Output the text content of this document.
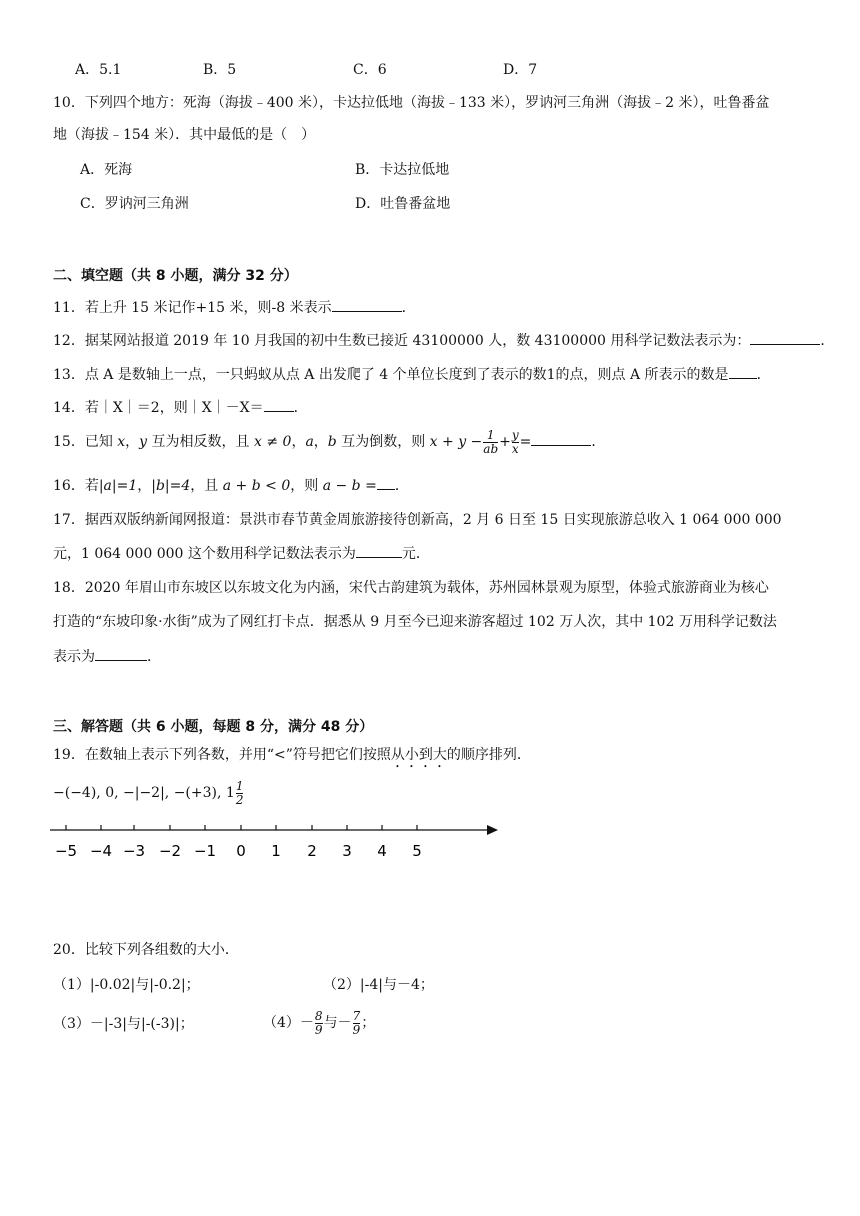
A．5.1	B．5	C．6	D．7
10．下列四个地方：死海（海拔﹣400 米），卡达拉低地（海拔﹣133 米），罗讷河三角洲（海拔﹣2 米），吐鲁番盆
地（海拔﹣154 米）．其中最低的是（　）
A．死海	B．卡达拉低地
C．罗讷河三角洲	D．吐鲁番盆地
二、填空题（共 8 小题，满分 32 分）
11．若上升 15 米记作+15 米，则-8 米表示	．
12．据某网站报道 2019 年 10 月我国的初中生数已接近 43100000 人，数 43100000 用科学记数法表示为：	．
13．点 A 是数轴上一点，一只蚂蚁从点 A 出发爬了 4 个单位长度到了表示的数1的点，则点 A 所表示的数是 ．
14．若｜X｜＝2，则｜X｜－X＝ ．
15．已知 x，y 互为相反数，且 x ≠ 0，a，b 互为倒数，则 $x + y - \frac{1}{ab} + \frac{y}{x}$ =	．
16．若|a|=1，|b|=4，且 a + b < 0，则 a − b = ．
17．据西双版纳新闻网报道：景洪市春节黄金周旅游接待创新高，2 月 6 日至 15 日实现旅游总收入 1 064 000 000
元，1 064 000 000 这个数用科学记数法表示为	元．
18．2020 年眉山市东坡区以东坡文化为内涵，宋代古韵建筑为载体，苏州园林景观为原型，体验式旅游商业为核心
打造的“东坡印象·水街”成为了网红打卡点．据悉从 9 月至今已迎来游客超过 102 万人次，其中 102 万用科学记数法
表示为	．
三、解答题（共 6 小题，每题 8 分，满分 48 分）
19．在数轴上表示下列各数，并用“<”符号把它们按照从小到大的顺序排列．
−(−4), 0, −|−2|, −(+3), $1 \frac{1}{2}$
−5 −4 −3 −2 −1 0 1 2 3 4 5
20．比较下列各组数的大小．
（1）|-0.02|与|-0.2|；	（2）|-4|与－4；
（3）－|-3|与|-(-3)|；	$(4)- \frac{8}{9}$ 与－ $\frac{7}{9}$ ；
